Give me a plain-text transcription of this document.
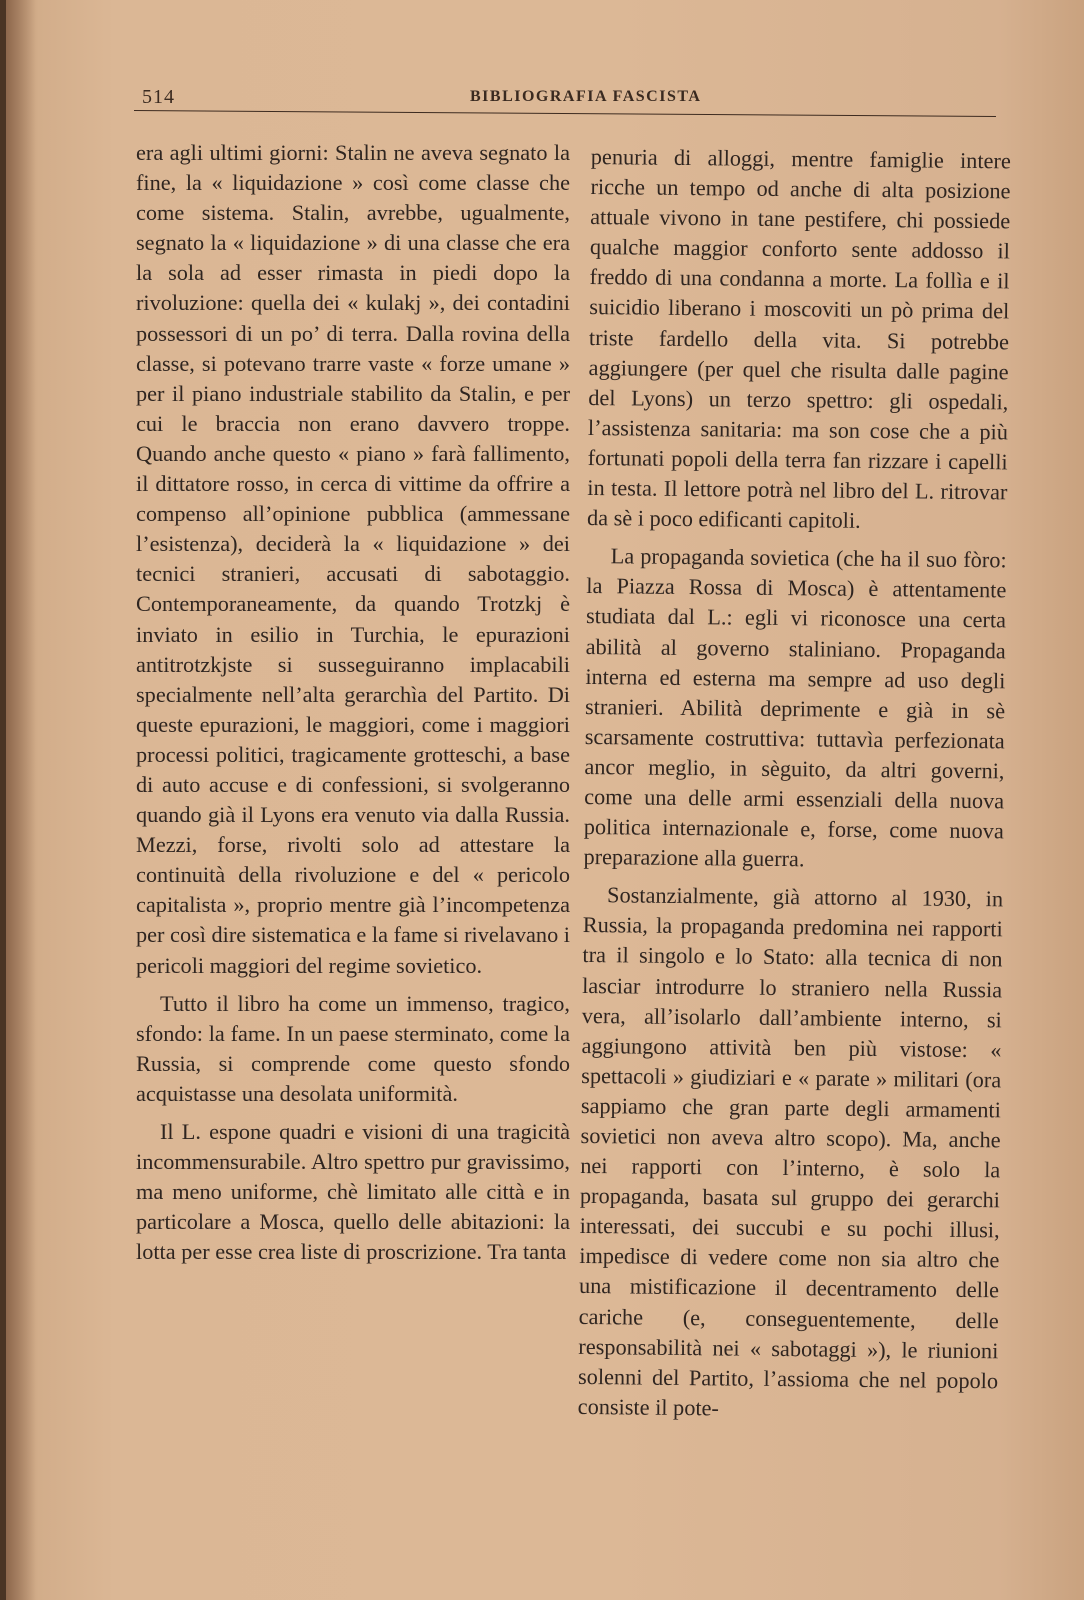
514	BIBLIOGRAFIA FASCISTA

era agli ultimi giorni: Stalin ne aveva segnato la fine, la « liquidazione » così come classe che come sistema. Stalin, avrebbe, ugualmente, segnato la « liquidazione » di una classe che era la sola ad esser rimasta in piedi dopo la rivoluzione: quella dei « kulakj », dei contadini possessori di un po’ di terra. Dalla rovina della classe, si potevano trarre vaste « forze umane » per il piano industriale stabilito da Stalin, e per cui le braccia non erano davvero troppe. Quando anche questo « piano » farà fallimento, il dittatore rosso, in cerca di vittime da offrire a compenso all’opinione pubblica (ammessane l’esistenza), deciderà la « liquidazione » dei tecnici stranieri, accusati di sabotaggio. Contemporaneamente, da quando Trotzkj è inviato in esilio in Turchia, le epurazioni antitrotzkjste si susseguiranno implacabili specialmente nell’alta gerarchìa del Partito. Di queste epurazioni, le maggiori, come i maggiori processi politici, tragicamente grotteschi, a base di auto accuse e di confessioni, si svolgeranno quando già il Lyons era venuto via dalla Russia. Mezzi, forse, rivolti solo ad attestare la continuità della rivoluzione e del « pericolo capitalista », proprio mentre già l’incompetenza per così dire sistematica e la fame si rivelavano i pericoli maggiori del regime sovietico.

Tutto il libro ha come un immenso, tragico, sfondo: la fame. In un paese sterminato, come la Russia, si comprende come questo sfondo acquistasse una desolata uniformità.

Il L. espone quadri e visioni di una tragicità incommensurabile. Altro spettro pur gravissimo, ma meno uniforme, chè limitato alle città e in particolare a Mosca, quello delle abitazioni: la lotta per esse crea liste di proscrizione. Tra tanta

penuria di alloggi, mentre famiglie intere ricche un tempo od anche di alta posizione attuale vivono in tane pestifere, chi possiede qualche maggior conforto sente addosso il freddo di una condanna a morte. La follìa e il suicidio liberano i moscoviti un pò prima del triste fardello della vita. Si potrebbe aggiungere (per quel che risulta dalle pagine del Lyons) un terzo spettro: gli ospedali, l’assistenza sanitaria: ma son cose che a più fortunati popoli della terra fan rizzare i capelli in testa. Il lettore potrà nel libro del L. ritrovar da sè i poco edificanti capitoli.

La propaganda sovietica (che ha il suo fòro: la Piazza Rossa di Mosca) è attentamente studiata dal L.: egli vi riconosce una certa abilità al governo staliniano. Propaganda interna ed esterna ma sempre ad uso degli stranieri. Abilità deprimente e già in sè scarsamente costruttiva: tuttavìa perfezionata ancor meglio, in sèguito, da altri governi, come una delle armi essenziali della nuova politica internazionale e, forse, come nuova preparazione alla guerra.

Sostanzialmente, già attorno al 1930, in Russia, la propaganda predomina nei rapporti tra il singolo e lo Stato: alla tecnica di non lasciar introdurre lo straniero nella Russia vera, all’isolarlo dall’ambiente interno, si aggiungono attività ben più vistose: « spettacoli » giudiziari e « parate » militari (ora sappiamo che gran parte degli armamenti sovietici non aveva altro scopo). Ma, anche nei rapporti con l’interno, è solo la propaganda, basata sul gruppo dei gerarchi interessati, dei succubi e su pochi illusi, impedisce di vedere come non sia altro che una mistificazione il decentramento delle cariche (e, conseguentemente, delle responsabilità nei « sabotaggi »), le riunioni solenni del Partito, l’assioma che nel popolo consiste il pote-
